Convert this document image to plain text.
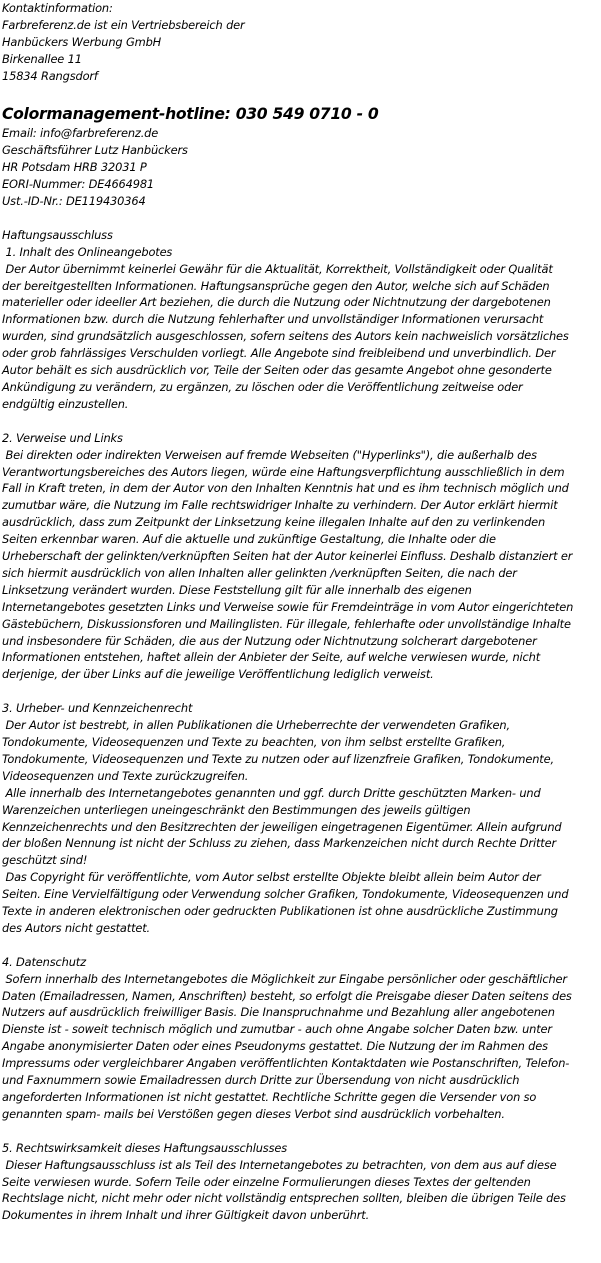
Kontaktinformation:
Farbreferenz.de ist ein Vertriebsbereich der
Hanbückers Werbung GmbH
Birkenallee 11
15834 Rangsdorf
Colormanagement-hotline: 030 549 0710 - 0
Email: info@farbreferenz.de
Geschäftsführer Lutz Hanbückers
HR Potsdam HRB 32031 P
EORI-Nummer: DE4664981
Ust.-ID-Nr.: DE119430364
Haftungsausschluss
1. Inhalt des Onlineangebotes
Der Autor übernimmt keinerlei Gewähr für die Aktualität, Korrektheit, Vollständigkeit oder Qualität
der bereitgestellten Informationen. Haftungsansprüche gegen den Autor, welche sich auf Schäden
materieller oder ideeller Art beziehen, die durch die Nutzung oder Nichtnutzung der dargebotenen
Informationen bzw. durch die Nutzung fehlerhafter und unvollständiger Informationen verursacht
wurden, sind grundsätzlich ausgeschlossen, sofern seitens des Autors kein nachweislich vorsätzliches
oder grob fahrlässiges Verschulden vorliegt. Alle Angebote sind freibleibend und unverbindlich. Der
Autor behält es sich ausdrücklich vor, Teile der Seiten oder das gesamte Angebot ohne gesonderte
Ankündigung zu verändern, zu ergänzen, zu löschen oder die Veröffentlichung zeitweise oder
endgültig einzustellen.
2. Verweise und Links
Bei direkten oder indirekten Verweisen auf fremde Webseiten ("Hyperlinks"), die außerhalb des
Verantwortungsbereiches des Autors liegen, würde eine Haftungsverpflichtung ausschließlich in dem
Fall in Kraft treten, in dem der Autor von den Inhalten Kenntnis hat und es ihm technisch möglich und
zumutbar wäre, die Nutzung im Falle rechtswidriger Inhalte zu verhindern. Der Autor erklärt hiermit
ausdrücklich, dass zum Zeitpunkt der Linksetzung keine illegalen Inhalte auf den zu verlinkenden
Seiten erkennbar waren. Auf die aktuelle und zukünftige Gestaltung, die Inhalte oder die
Urheberschaft der gelinkten/verknüpften Seiten hat der Autor keinerlei Einfluss. Deshalb distanziert er
sich hiermit ausdrücklich von allen Inhalten aller gelinkten /verknüpften Seiten, die nach der
Linksetzung verändert wurden. Diese Feststellung gilt für alle innerhalb des eigenen
Internetangebotes gesetzten Links und Verweise sowie für Fremdeinträge in vom Autor eingerichteten
Gästebüchern, Diskussionsforen und Mailinglisten. Für illegale, fehlerhafte oder unvollständige Inhalte
und insbesondere für Schäden, die aus der Nutzung oder Nichtnutzung solcherart dargebotener
Informationen entstehen, haftet allein der Anbieter der Seite, auf welche verwiesen wurde, nicht
derjenige, der über Links auf die jeweilige Veröffentlichung lediglich verweist.
3. Urheber- und Kennzeichenrecht
Der Autor ist bestrebt, in allen Publikationen die Urheberrechte der verwendeten Grafiken,
Tondokumente, Videosequenzen und Texte zu beachten, von ihm selbst erstellte Grafiken,
Tondokumente, Videosequenzen und Texte zu nutzen oder auf lizenzfreie Grafiken, Tondokumente,
Videosequenzen und Texte zurückzugreifen.
Alle innerhalb des Internetangebotes genannten und ggf. durch Dritte geschützten Marken- und
Warenzeichen unterliegen uneingeschränkt den Bestimmungen des jeweils gültigen
Kennzeichenrechts und den Besitzrechten der jeweiligen eingetragenen Eigentümer. Allein aufgrund
der bloßen Nennung ist nicht der Schluss zu ziehen, dass Markenzeichen nicht durch Rechte Dritter
geschützt sind!
Das Copyright für veröffentlichte, vom Autor selbst erstellte Objekte bleibt allein beim Autor der
Seiten. Eine Vervielfältigung oder Verwendung solcher Grafiken, Tondokumente, Videosequenzen und
Texte in anderen elektronischen oder gedruckten Publikationen ist ohne ausdrückliche Zustimmung
des Autors nicht gestattet.
4. Datenschutz
Sofern innerhalb des Internetangebotes die Möglichkeit zur Eingabe persönlicher oder geschäftlicher
Daten (Emailadressen, Namen, Anschriften) besteht, so erfolgt die Preisgabe dieser Daten seitens des
Nutzers auf ausdrücklich freiwilliger Basis. Die Inanspruchnahme und Bezahlung aller angebotenen
Dienste ist - soweit technisch möglich und zumutbar - auch ohne Angabe solcher Daten bzw. unter
Angabe anonymisierter Daten oder eines Pseudonyms gestattet. Die Nutzung der im Rahmen des
Impressums oder vergleichbarer Angaben veröffentlichten Kontaktdaten wie Postanschriften, Telefon-
und Faxnummern sowie Emailadressen durch Dritte zur Übersendung von nicht ausdrücklich
angeforderten Informationen ist nicht gestattet. Rechtliche Schritte gegen die Versender von so
genannten spam- mails bei Verstößen gegen dieses Verbot sind ausdrücklich vorbehalten.
5. Rechtswirksamkeit dieses Haftungsausschlusses
Dieser Haftungsausschluss ist als Teil des Internetangebotes zu betrachten, von dem aus auf diese
Seite verwiesen wurde. Sofern Teile oder einzelne Formulierungen dieses Textes der geltenden
Rechtslage nicht, nicht mehr oder nicht vollständig entsprechen sollten, bleiben die übrigen Teile des
Dokumentes in ihrem Inhalt und ihrer Gültigkeit davon unberührt.
